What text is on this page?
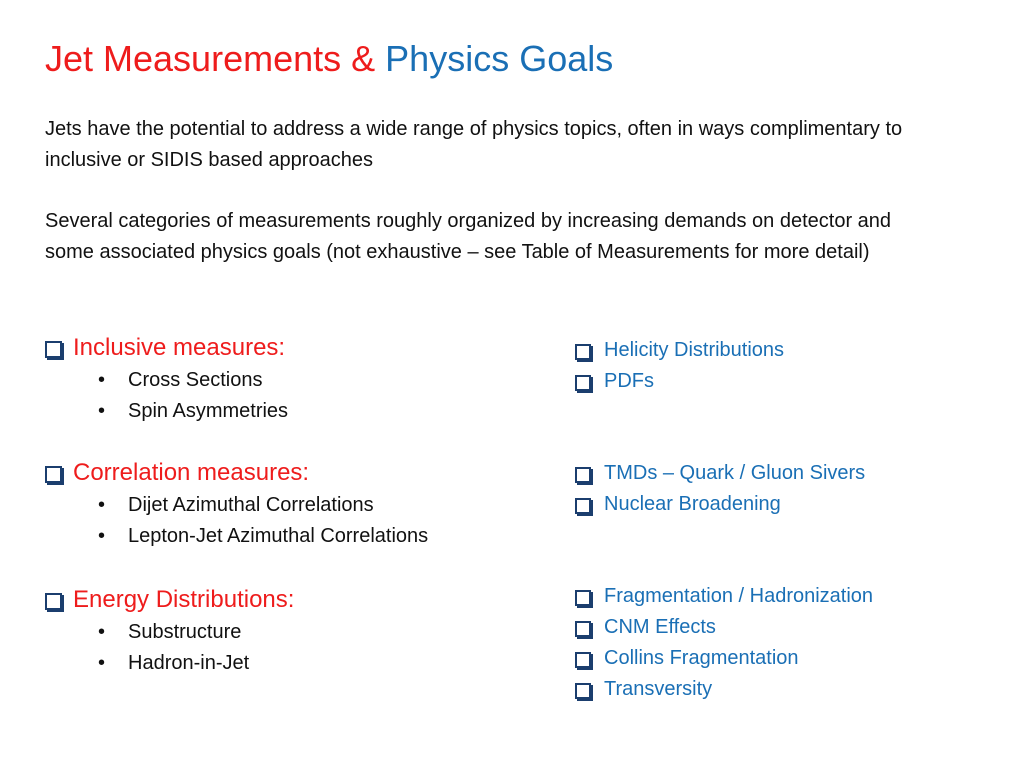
Jet Measurements & Physics Goals
Jets have the potential to address a wide range of physics topics, often in ways complimentary to inclusive or SIDIS based approaches
Several categories of measurements roughly organized by increasing demands on detector and some associated physics goals (not exhaustive – see Table of Measurements for more detail)
Inclusive measures:
• Cross Sections
• Spin Asymmetries
Correlation measures:
• Dijet Azimuthal Correlations
• Lepton-Jet Azimuthal Correlations
Energy Distributions:
• Substructure
• Hadron-in-Jet
Helicity Distributions
PDFs
TMDs – Quark / Gluon Sivers
Nuclear Broadening
Fragmentation / Hadronization
CNM Effects
Collins Fragmentation
Transversity
